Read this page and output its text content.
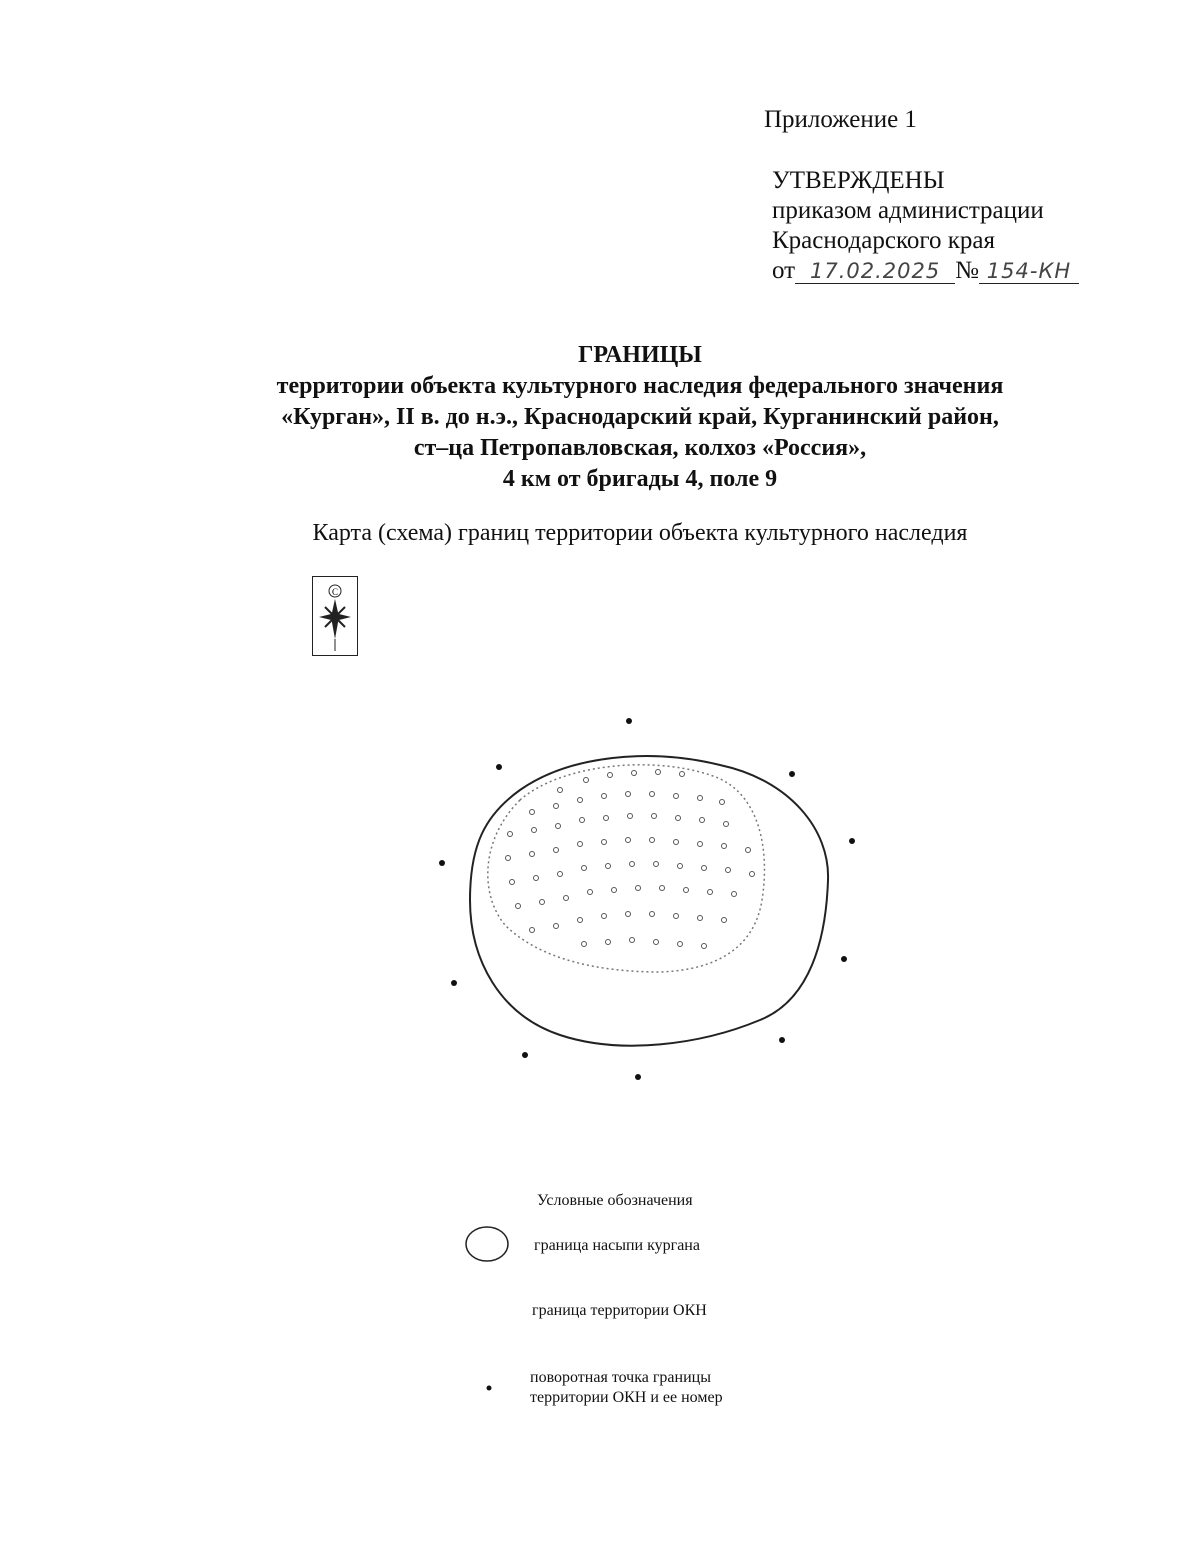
Приложение 1
УТВЕРЖДЕНЫ
приказом администрации
Краснодарского края
от 17.02.2025 № 154-КН
ГРАНИЦЫ
территории объекта культурного наследия федерального значения
«Курган», II в. до н.э., Краснодарский край, Курганинский район,
ст–ца Петропавловская, колхоз «Россия»,
4 км от бригады 4, поле 9
Карта (схема) границ территории объекта культурного наследия
С
Условные обозначения
граница насыпи кургана
граница территории ОКН
поворотная точка границы
территории ОКН и ее номер
